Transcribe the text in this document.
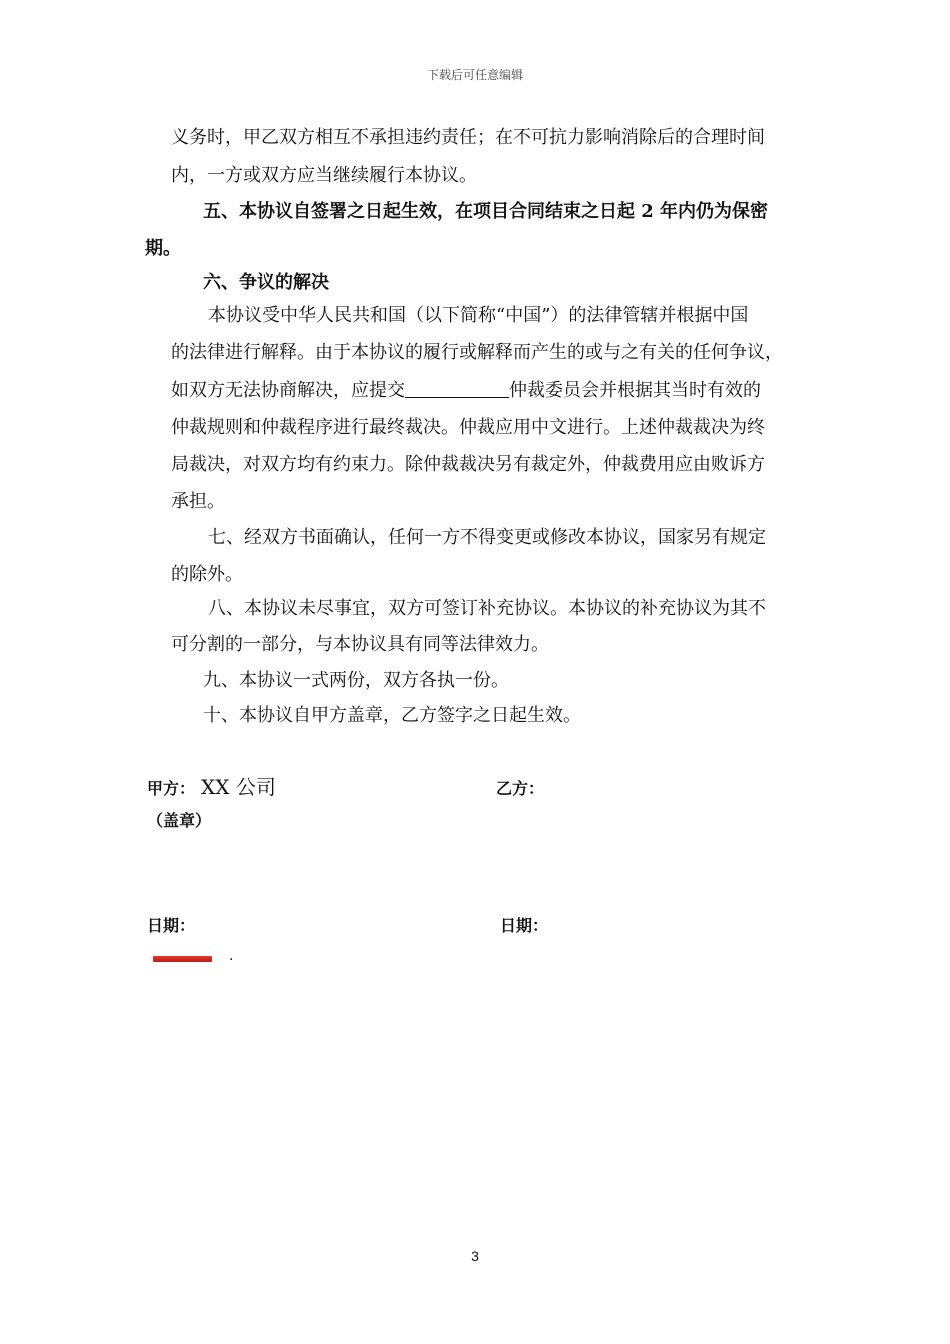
下载后可任意编辑
义务时，甲乙双方相互不承担违约责任；在不可抗力影响消除后的合理时间
内，一方或双方应当继续履行本协议。
五、本协议自签署之日起生效，在项目合同结束之日起 2 年内仍为保密
期。
六、争议的解决
本协议受中华人民共和国（以下简称“中国”）的法律管辖并根据中国
的法律进行解释。由于本协议的履行或解释而产生的或与之有关的任何争议，
如双方无法协商解决，应提交	仲裁委员会并根据其当时有效的
仲裁规则和仲裁程序进行最终裁决。仲裁应用中文进行。上述仲裁裁决为终
局裁决，对双方均有约束力。除仲裁裁决另有裁定外，仲裁费用应由败诉方
承担。
七、经双方书面确认，任何一方不得变更或修改本协议，国家另有规定
的除外。
八、本协议未尽事宜，双方可签订补充协议。本协议的补充协议为其不
可分割的一部分，与本协议具有同等法律效力。
九、本协议一式两份，双方各执一份。
十、本协议自甲方盖章，乙方签字之日起生效。
甲方： XX 公司	乙方：
（盖章）
日期：	日期：
.
3
